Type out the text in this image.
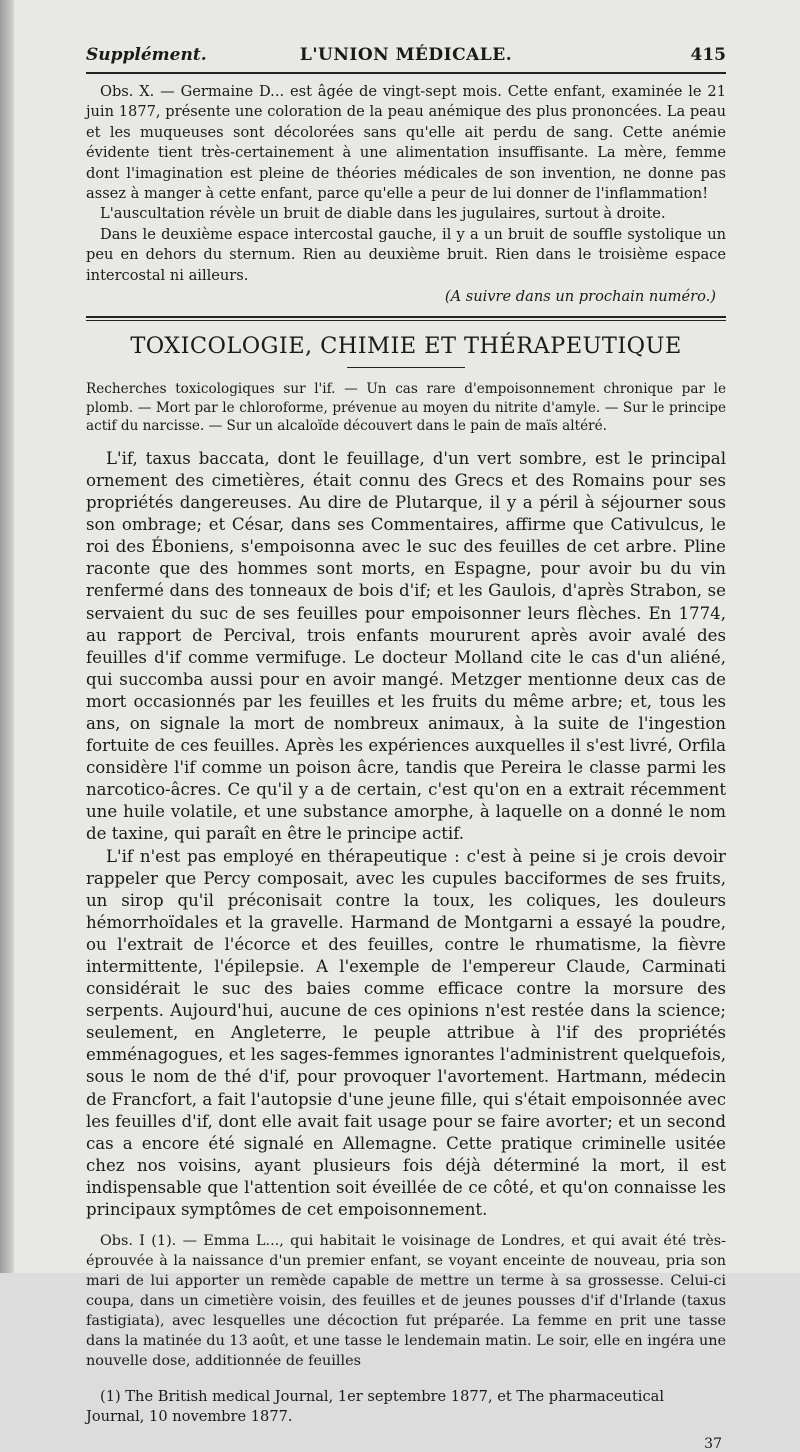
Supplément.	L'UNION MÉDICALE.	415

Obs. X. — Germaine D... est âgée de vingt-sept mois. Cette enfant, examinée le 21 juin 1877, présente une coloration de la peau anémique des plus prononcées. La peau et les muqueuses sont décolorées sans qu'elle ait perdu de sang. Cette anémie évidente tient très-certainement à une alimentation insuffisante. La mère, femme dont l'imagination est pleine de théories médicales de son invention, ne donne pas assez à manger à cette enfant, parce qu'elle a peur de lui donner de l'inflammation!

L'auscultation révèle un bruit de diable dans les jugulaires, surtout à droite.

Dans le deuxième espace intercostal gauche, il y a un bruit de souffle systolique un peu en dehors du sternum. Rien au deuxième bruit. Rien dans le troisième espace intercostal ni ailleurs.

(A suivre dans un prochain numéro.)
TOXICOLOGIE, CHIMIE ET THÉRAPEUTIQUE
Recherches toxicologiques sur l'if. — Un cas rare d'empoisonnement chronique par le plomb. — Mort par le chloroforme, prévenue au moyen du nitrite d'amyle. — Sur le principe actif du narcisse. — Sur un alcaloïde découvert dans le pain de maïs altéré.

L'if, taxus baccata, dont le feuillage, d'un vert sombre, est le principal ornement des cimetières, était connu des Grecs et des Romains pour ses propriétés dangereuses. Au dire de Plutarque, il y a péril à séjourner sous son ombrage; et César, dans ses Commentaires, affirme que Cativulcus, le roi des Éboniens, s'empoisonna avec le suc des feuilles de cet arbre. Pline raconte que des hommes sont morts, en Espagne, pour avoir bu du vin renfermé dans des tonneaux de bois d'if; et les Gaulois, d'après Strabon, se servaient du suc de ses feuilles pour empoisonner leurs flèches. En 1774, au rapport de Percival, trois enfants moururent après avoir avalé des feuilles d'if comme vermifuge. Le docteur Molland cite le cas d'un aliéné, qui succomba aussi pour en avoir mangé. Metzger mentionne deux cas de mort occasionnés par les feuilles et les fruits du même arbre; et, tous les ans, on signale la mort de nombreux animaux, à la suite de l'ingestion fortuite de ces feuilles. Après les expériences auxquelles il s'est livré, Orfila considère l'if comme un poison âcre, tandis que Pereira le classe parmi les narcotico-âcres. Ce qu'il y a de certain, c'est qu'on en a extrait récemment une huile volatile, et une substance amorphe, à laquelle on a donné le nom de taxine, qui paraît en être le principe actif.

L'if n'est pas employé en thérapeutique : c'est à peine si je crois devoir rappeler que Percy composait, avec les cupules bacciformes de ses fruits, un sirop qu'il préconisait contre la toux, les coliques, les douleurs hémorrhoïdales et la gravelle. Harmand de Montgarni a essayé la poudre, ou l'extrait de l'écorce et des feuilles, contre le rhumatisme, la fièvre intermittente, l'épilepsie. A l'exemple de l'empereur Claude, Carminati considérait le suc des baies comme efficace contre la morsure des serpents. Aujourd'hui, aucune de ces opinions n'est restée dans la science; seulement, en Angleterre, le peuple attribue à l'if des propriétés emménagogues, et les sages-femmes ignorantes l'administrent quelquefois, sous le nom de thé d'if, pour provoquer l'avortement. Hartmann, médecin de Francfort, a fait l'autopsie d'une jeune fille, qui s'était empoisonnée avec les feuilles d'if, dont elle avait fait usage pour se faire avorter; et un second cas a encore été signalé en Allemagne. Cette pratique criminelle usitée chez nos voisins, ayant plusieurs fois déjà déterminé la mort, il est indispensable que l'attention soit éveillée de ce côté, et qu'on connaisse les principaux symptômes de cet empoisonnement.

Obs. I (1). — Emma L..., qui habitait le voisinage de Londres, et qui avait été très-éprouvée à la naissance d'un premier enfant, se voyant enceinte de nouveau, pria son mari de lui apporter un remède capable de mettre un terme à sa grossesse. Celui-ci coupa, dans un cimetière voisin, des feuilles et de jeunes pousses d'if d'Irlande (taxus fastigiata), avec lesquelles une décoction fut préparée. La femme en prit une tasse dans la matinée du 13 août, et une tasse le lendemain matin. Le soir, elle en ingéra une nouvelle dose, additionnée de feuilles

(1) The British medical Journal, 1er septembre 1877, et The pharmaceutical Journal, 10 novembre 1877.
37
